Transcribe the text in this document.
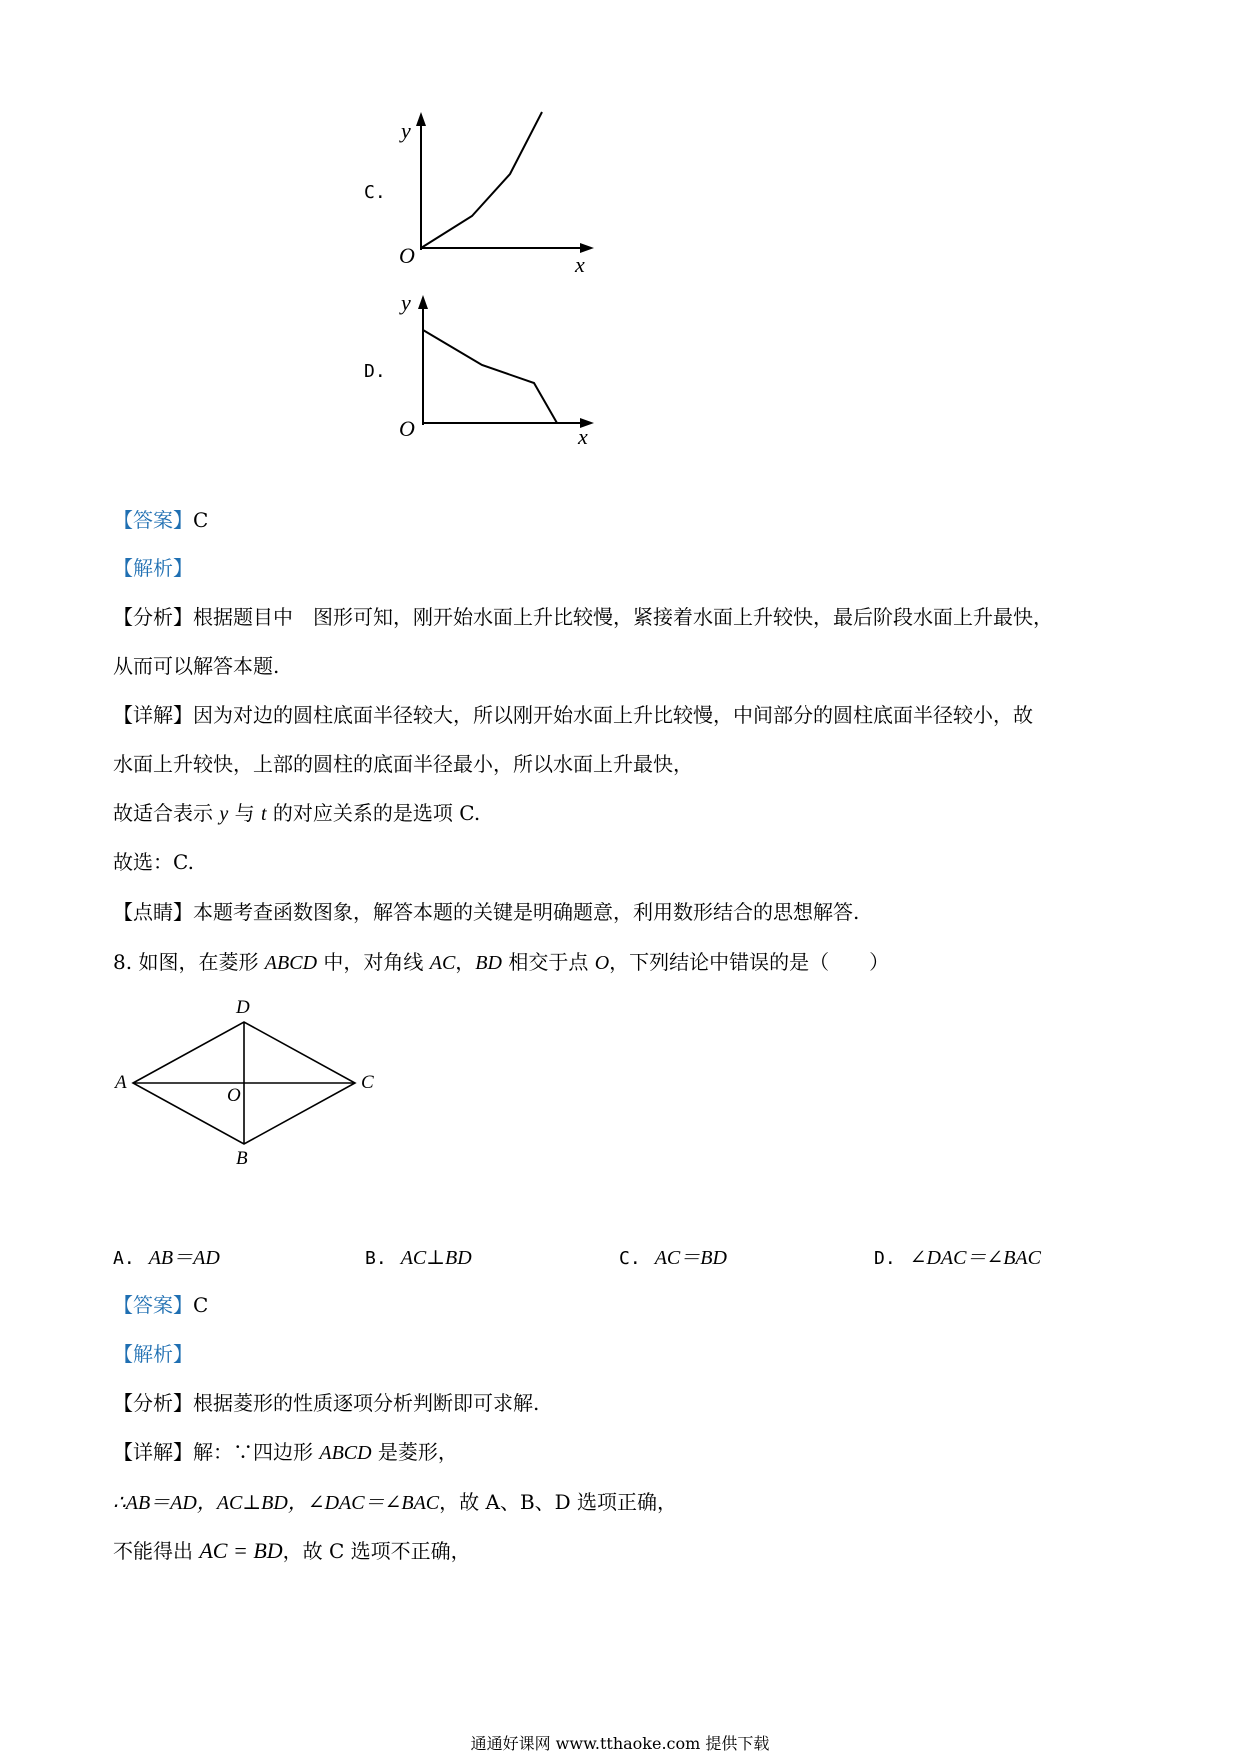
C.
y
O	x
D.
y
O	x
【答案】C
【解析】
【分析】根据题目中　图形可知，刚开始水面上升比较慢，紧接着水面上升较快，最后阶段水面上升最快，
从而可以解答本题.
【详解】因为对边的圆柱底面半径较大，所以刚开始水面上升比较慢，中间部分的圆柱底面半径较小，故
水面上升较快，上部的圆柱的底面半径最小，所以水面上升最快，
故适合表示 y 与 t 的对应关系的是选项 C.
故选：C.
【点睛】本题考查函数图象，解答本题的关键是明确题意，利用数形结合的思想解答.
8. 如图，在菱形 ABCD 中，对角线 AC，BD 相交于点 O，下列结论中错误的是（　　）
D
A
O
C
B
A. AB＝AD	B. AC⊥BD	C. AC＝BD	D. ∠DAC＝∠BAC
【答案】C
【解析】
【分析】根据菱形的性质逐项分析判断即可求解.
【详解】解：∵四边形 ABCD 是菱形，
∴AB＝AD，AC⊥BD，∠DAC＝∠BAC，故 A、B、D 选项正确，
不能得出 AC = BD，故 C 选项不正确，
通通好课网 www.tthaoke.com 提供下载
